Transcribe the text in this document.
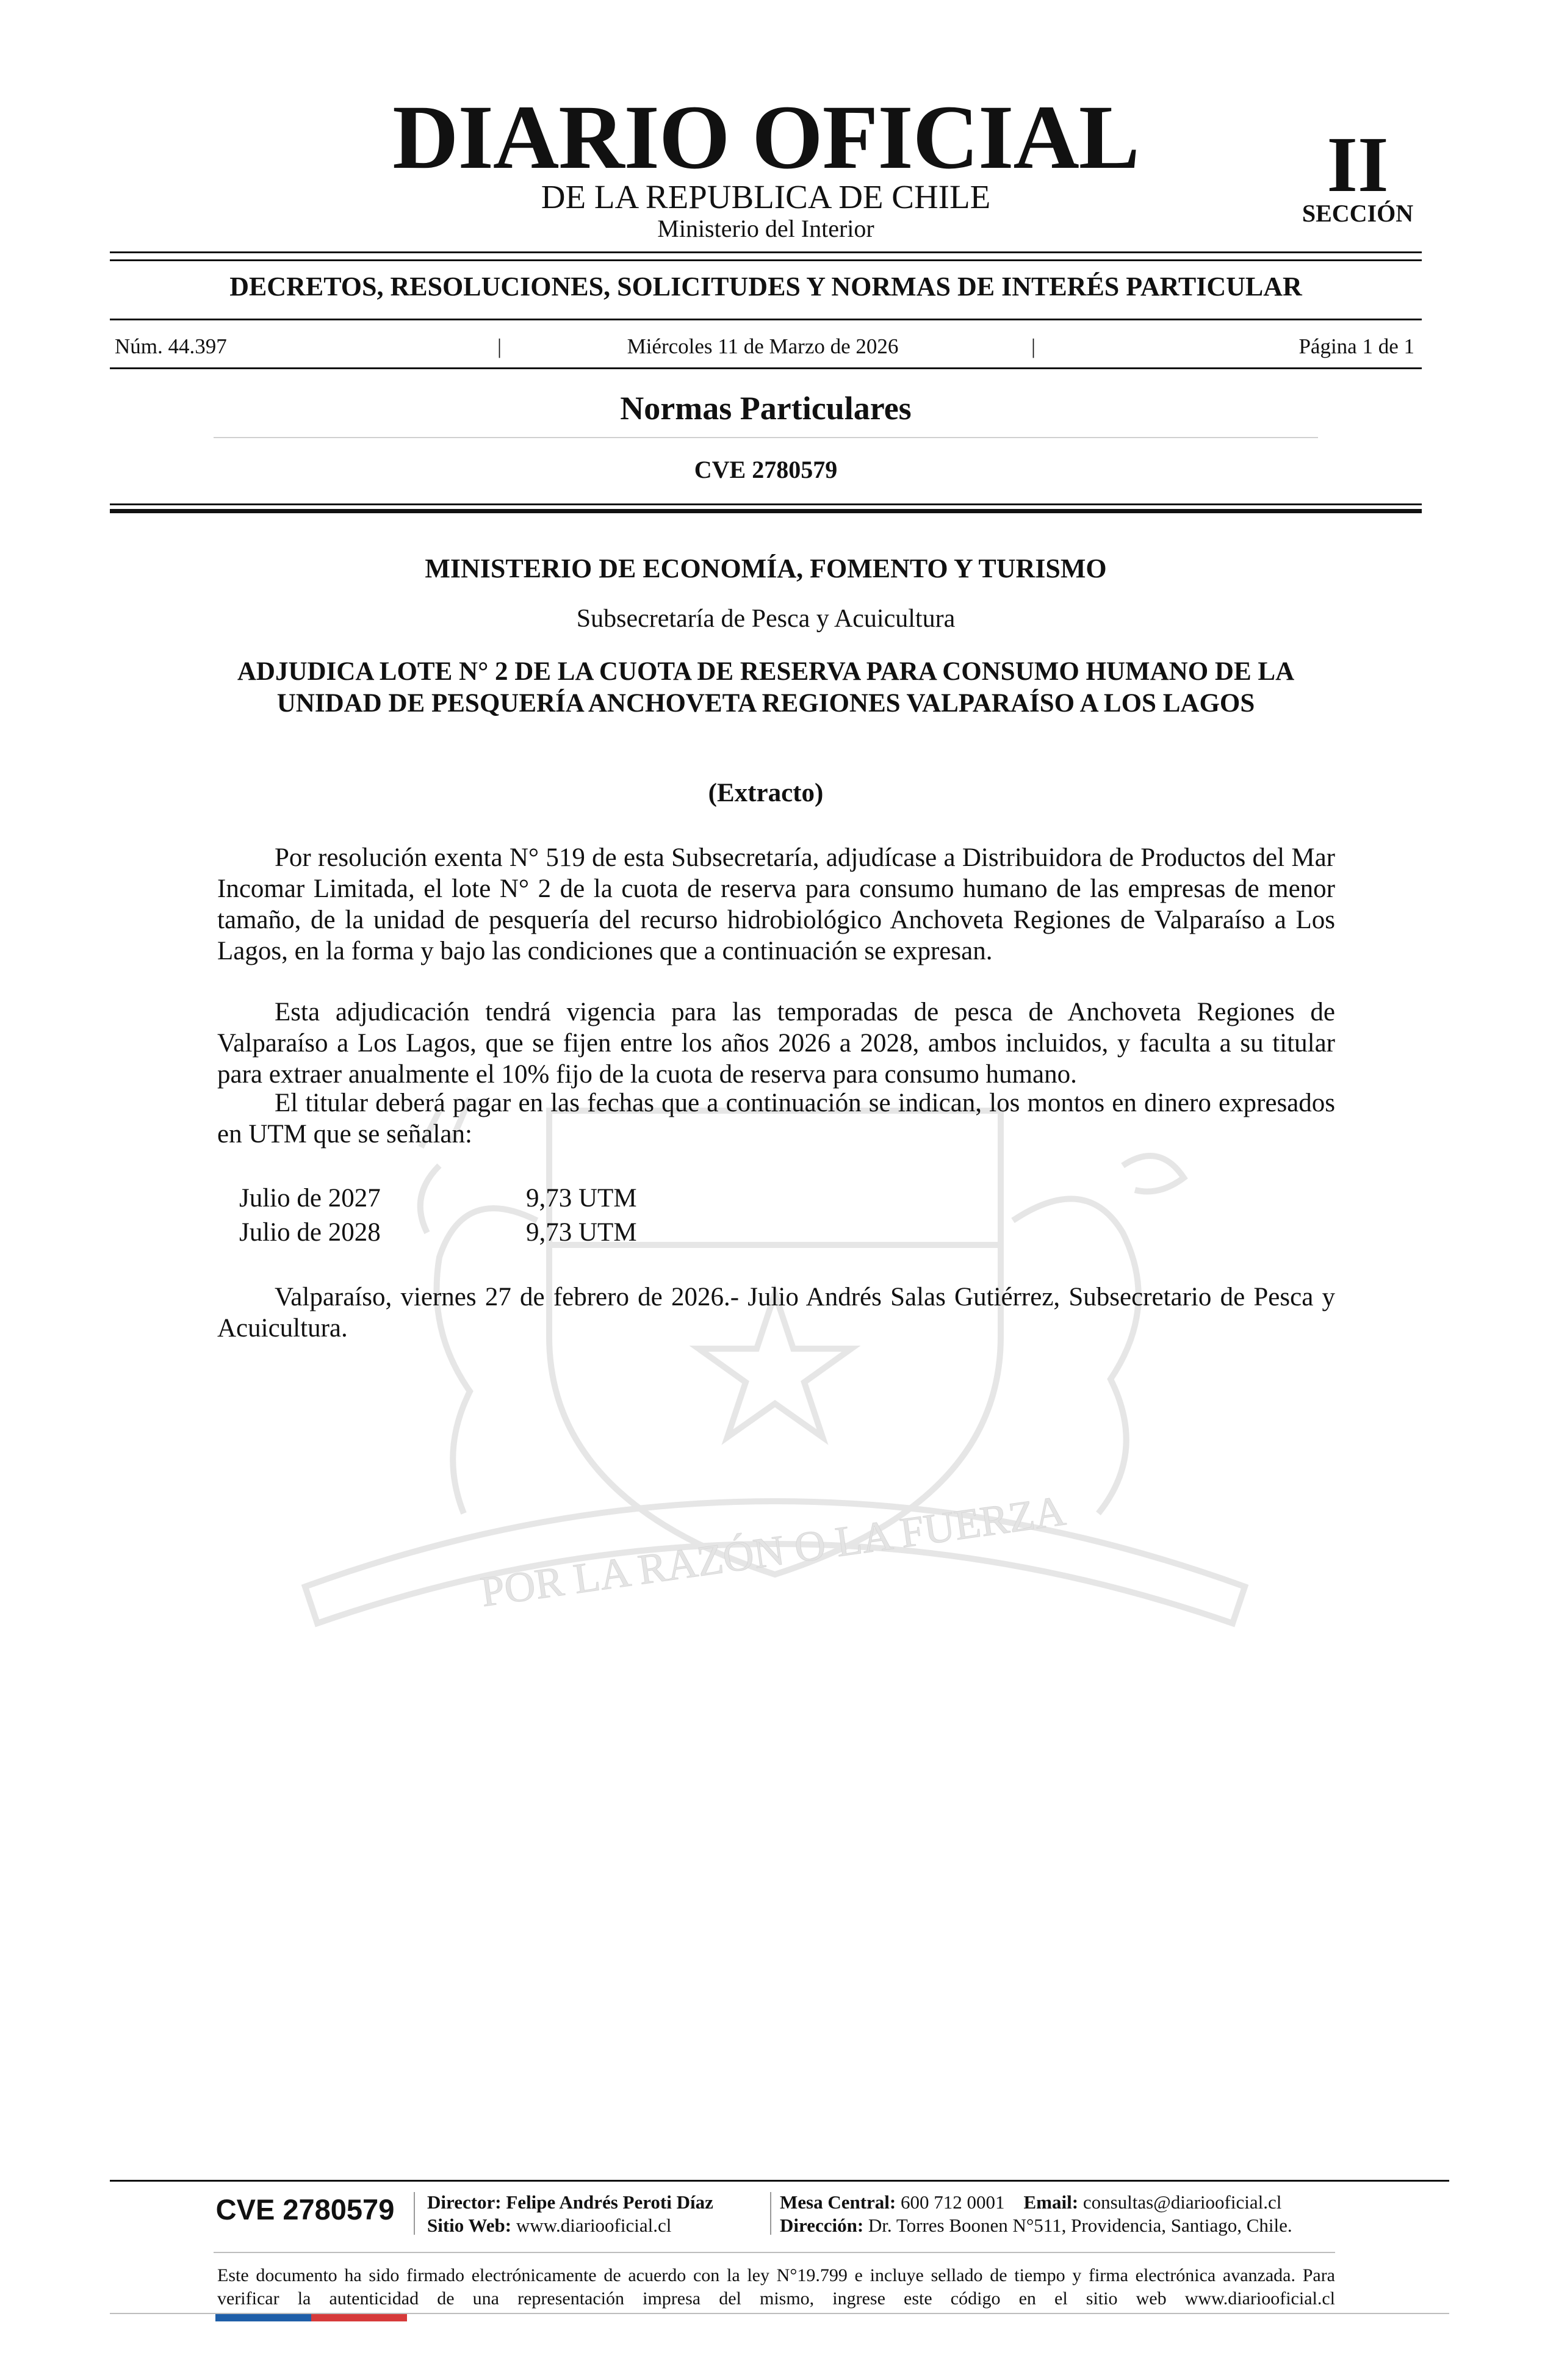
POR LA RAZÓN O LA FUERZA
DIARIO OFICIAL
DE LA REPUBLICA DE CHILE
Ministerio del Interior
II
SECCIÓN
DECRETOS, RESOLUCIONES, SOLICITUDES Y NORMAS DE INTERÉS PARTICULAR
Núm. 44.397	|	Miércoles 11 de Marzo de 2026	|	Página 1 de 1
Normas Particulares
CVE 2780579
MINISTERIO DE ECONOMÍA, FOMENTO Y TURISMO
Subsecretaría de Pesca y Acuicultura
ADJUDICA LOTE N° 2 DE LA CUOTA DE RESERVA PARA CONSUMO HUMANO DE LA UNIDAD DE PESQUERÍA ANCHOVETA REGIONES VALPARAÍSO A LOS LAGOS
(Extracto)

Por resolución exenta N° 519 de esta Subsecretaría, adjudícase a Distribuidora de Productos del Mar Incomar Limitada, el lote N° 2 de la cuota de reserva para consumo humano de las empresas de menor tamaño, de la unidad de pesquería del recurso hidrobiológico Anchoveta Regiones de Valparaíso a Los Lagos, en la forma y bajo las condiciones que a continuación se expresan.

Esta adjudicación tendrá vigencia para las temporadas de pesca de Anchoveta Regiones de Valparaíso a Los Lagos, que se fijen entre los años 2026 a 2028, ambos incluidos, y faculta a su titular para extraer anualmente el 10% fijo de la cuota de reserva para consumo humano.

El titular deberá pagar en las fechas que a continuación se indican, los montos en dinero expresados en UTM que se señalan:

Julio de 2027	9,73 UTM
Julio de 2028	9,73 UTM

Valparaíso, viernes 27 de febrero de 2026.- Julio Andrés Salas Gutiérrez, Subsecretario de Pesca y Acuicultura.

CVE 2780579	Director: Felipe Andrés Peroti Díaz
Sitio Web: www.diariooficial.cl
Mesa Central: 600 712 0001 Email: consultas@diariooficial.cl
Dirección: Dr. Torres Boonen N°511, Providencia, Santiago, Chile.
Este documento ha sido firmado electrónicamente de acuerdo con la ley N°19.799 e incluye sellado de tiempo y firma electrónica avanzada. Para verificar la autenticidad de una representación impresa del mismo, ingrese este código en el sitio web www.diariooficial.cl
